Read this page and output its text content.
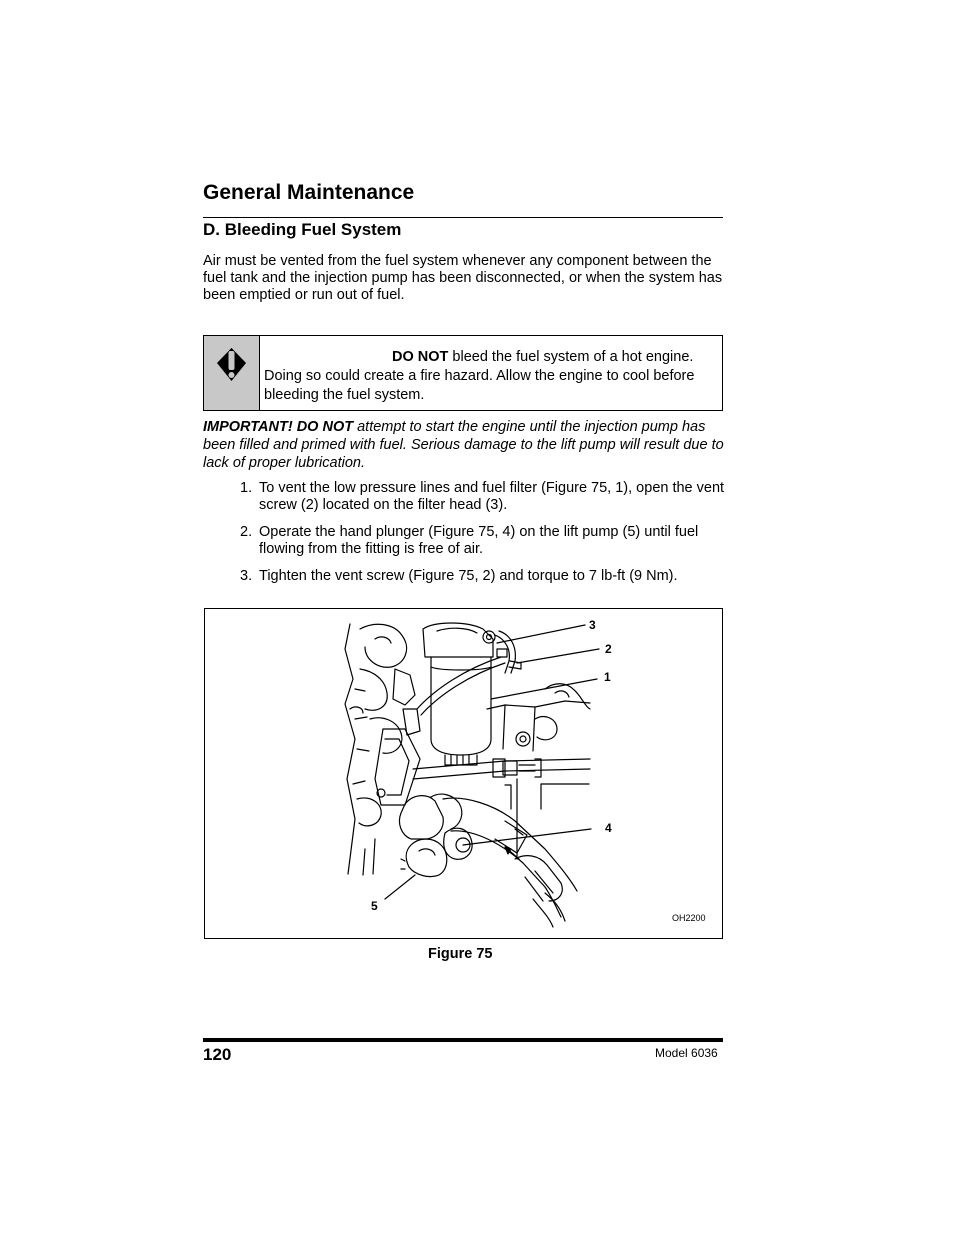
General Maintenance
D. Bleeding Fuel System
Air must be vented from the fuel system whenever any component between the fuel tank and the injection pump has been disconnected, or when the system has been emptied or run out of fuel.
DO NOT bleed the fuel system of a hot engine. Doing so could create a fire hazard. Allow the engine to cool before bleeding the fuel system.
IMPORTANT! DO NOT attempt to start the engine until the injection pump has been filled and primed with fuel. Serious damage to the lift pump will result due to lack of proper lubrication.
1. To vent the low pressure lines and fuel filter (Figure 75, 1), open the vent screw (2) located on the filter head (3).
2. Operate the hand plunger (Figure 75, 4) on the lift pump (5) until fuel flowing from the fitting is free of air.
3. Tighten the vent screw (Figure 75, 2) and torque to 7 lb-ft (9 Nm).
3
2
1
4
5
OH2200
Figure 75
120	Model 6036
